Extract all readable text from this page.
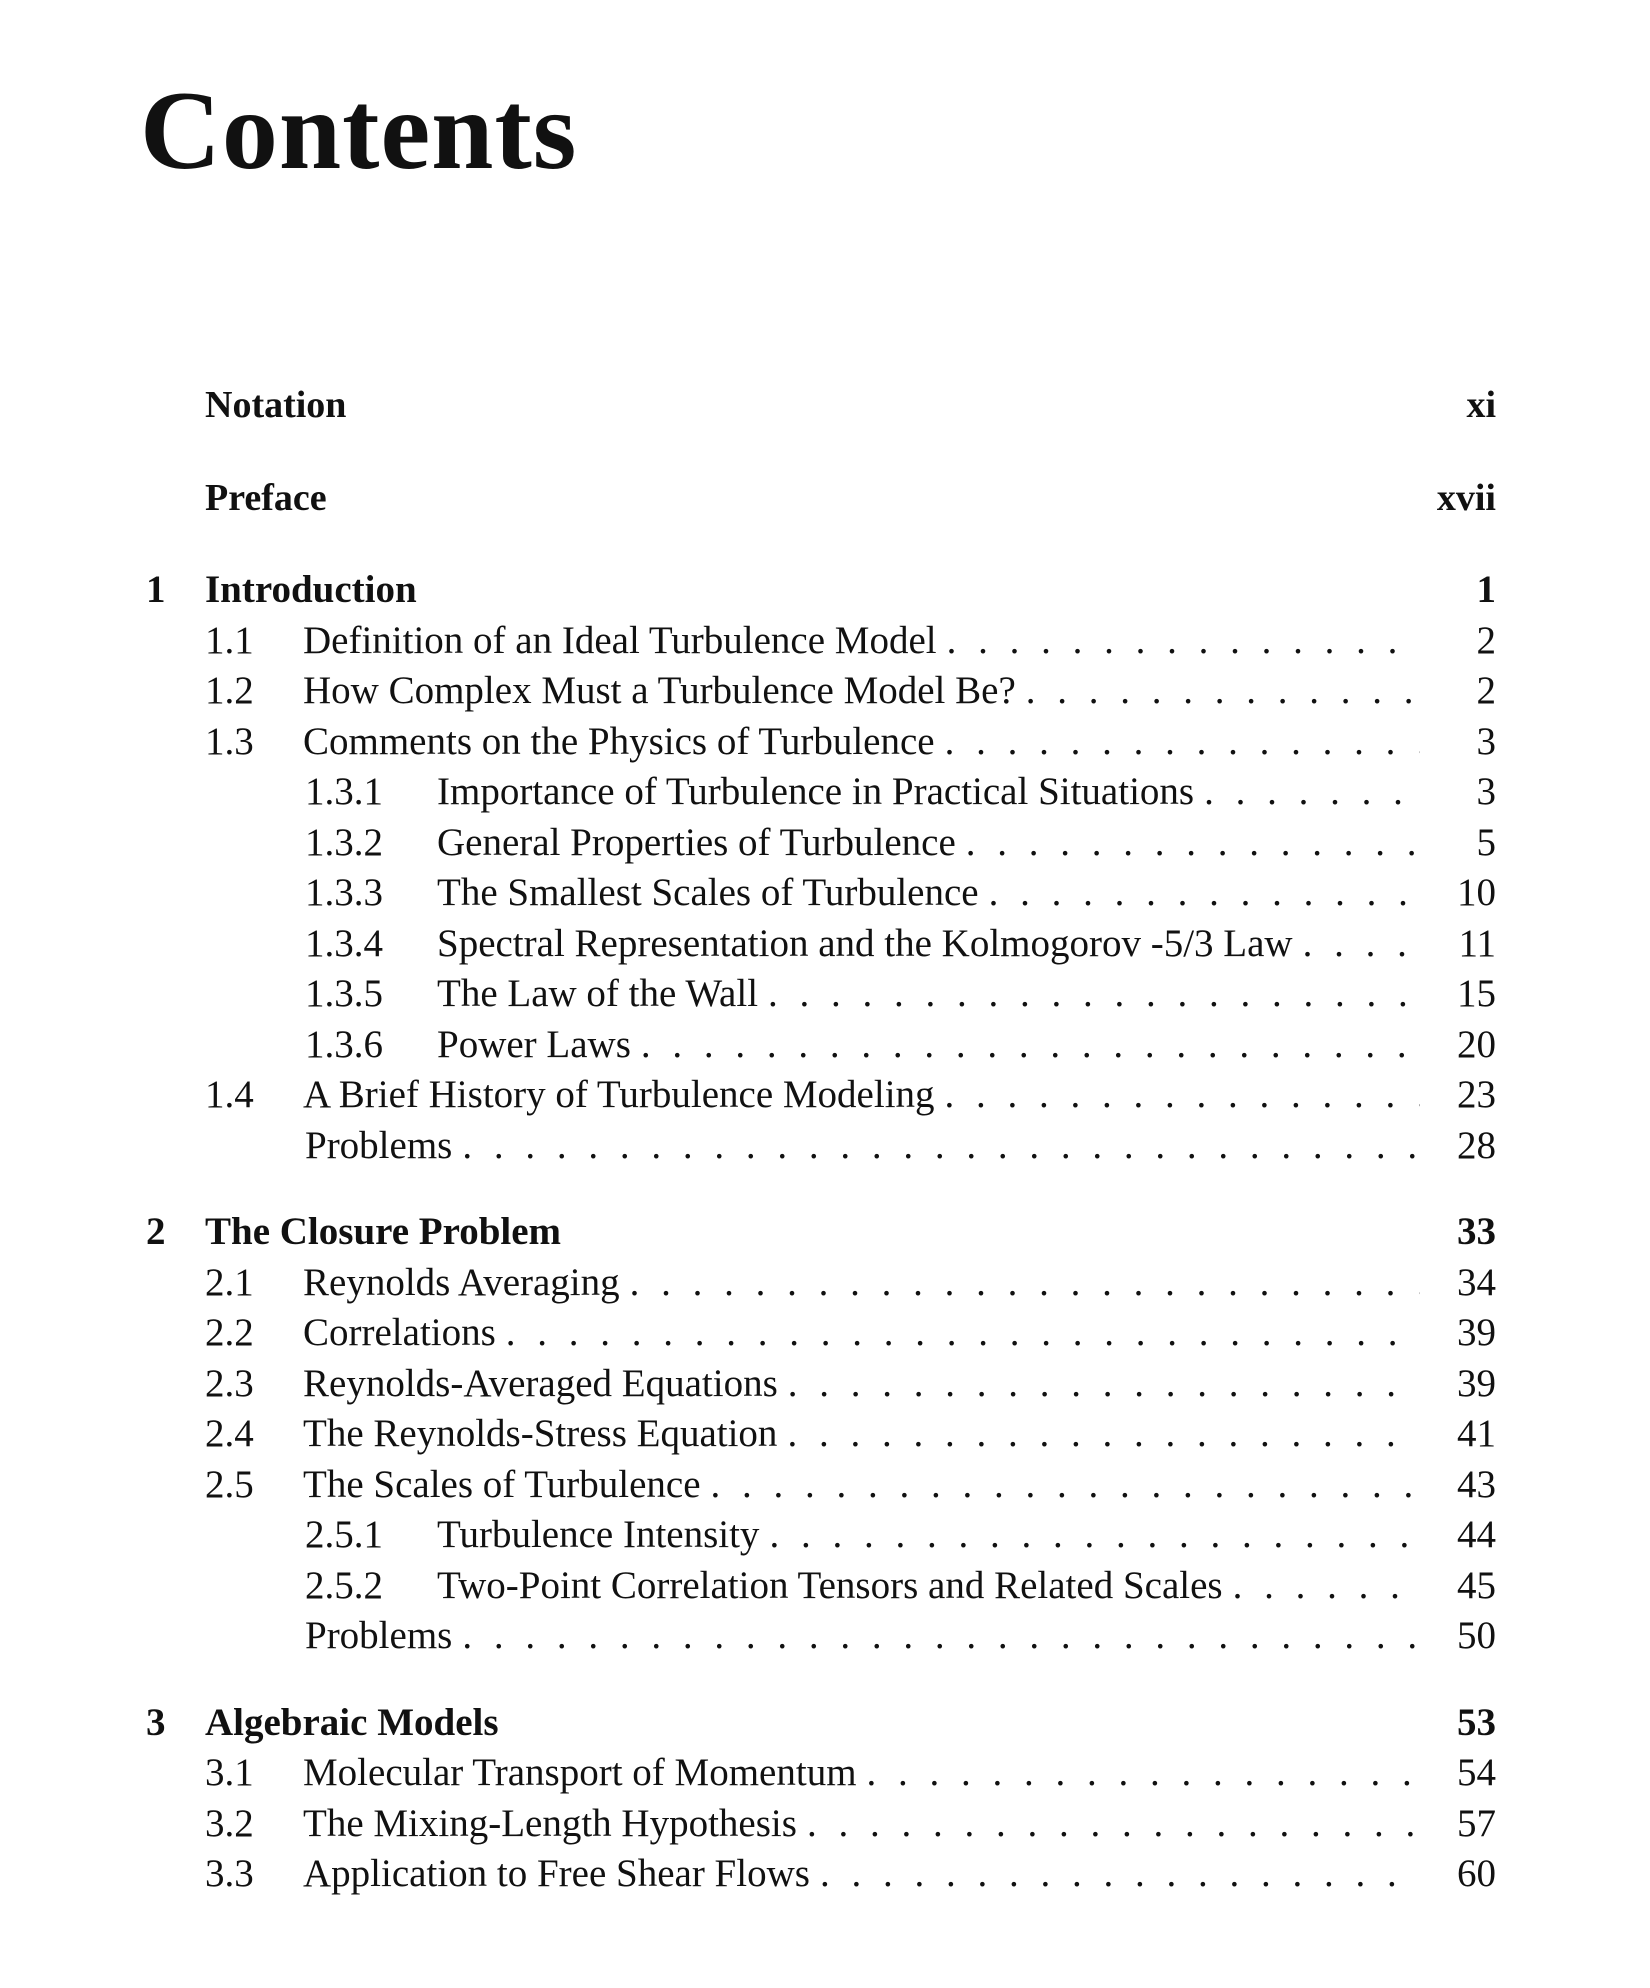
Contents
Notation	xi
Preface	xvii
1 Introduction	1
1.1	Definition of an Ideal Turbulence Model . . .	2
1.2	How Complex Must a Turbulence Model Be? . . .	2
1.3	Comments on the Physics of Turbulence . . .	3
1.3.1	Importance of Turbulence in Practical Situations . . .	3
1.3.2	General Properties of Turbulence . . .	5
1.3.3	The Smallest Scales of Turbulence . . .	10
1.3.4	Spectral Representation and the Kolmogorov -5/3 Law . . .	11
1.3.5	The Law of the Wall . . .	15
1.3.6	Power Laws . . .	20
1.4	A Brief History of Turbulence Modeling . . .	23
Problems . . .	28
2 The Closure Problem	33
2.1	Reynolds Averaging . . .	34
2.2	Correlations . . .	39
2.3	Reynolds-Averaged Equations . . .	39
2.4	The Reynolds-Stress Equation . . .	41
2.5	The Scales of Turbulence . . .	43
2.5.1	Turbulence Intensity . . .	44
2.5.2	Two-Point Correlation Tensors and Related Scales . . .	45
Problems . . .	50
3 Algebraic Models	53
3.1	Molecular Transport of Momentum . . .	54
3.2	The Mixing-Length Hypothesis . . .	57
3.3	Application to Free Shear Flows . . .	60
